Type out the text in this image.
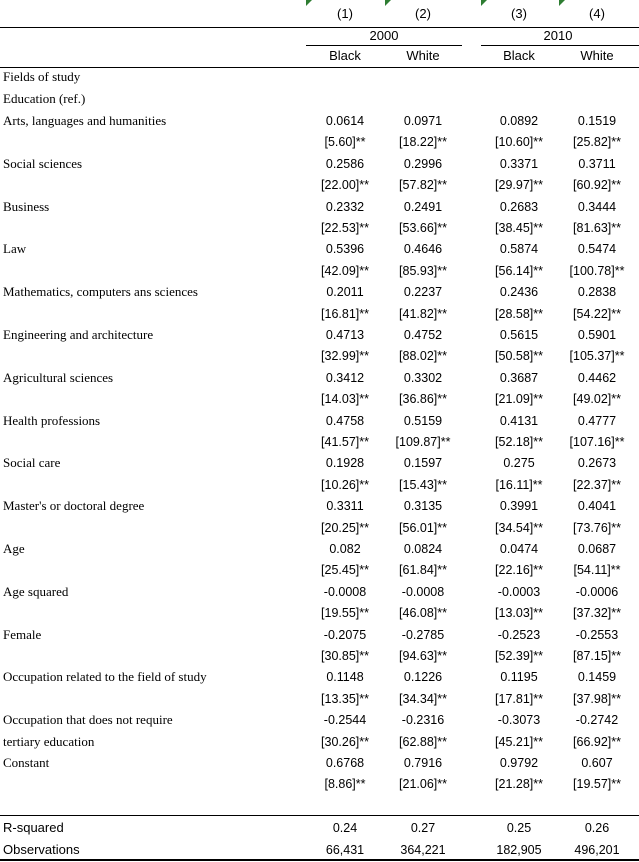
(1)	(2)	(3)	(4)
2000	2010
Black	White	Black	White
Fields of study
Education (ref.)
Arts, languages and humanities	0.0614	0.0971	0.0892	0.1519
[5.60]**	[18.22]**	[10.60]**	[25.82]**
Social sciences	0.2586	0.2996	0.3371	0.3711
[22.00]**	[57.82]**	[29.97]**	[60.92]**
Business	0.2332	0.2491	0.2683	0.3444
[22.53]**	[53.66]**	[38.45]**	[81.63]**
Law	0.5396	0.4646	0.5874	0.5474
[42.09]**	[85.93]**	[56.14]**	[100.78]**
Mathematics, computers ans sciences	0.2011	0.2237	0.2436	0.2838
[16.81]**	[41.82]**	[28.58]**	[54.22]**
Engineering and architecture	0.4713	0.4752	0.5615	0.5901
[32.99]**	[88.02]**	[50.58]**	[105.37]**
Agricultural sciences	0.3412	0.3302	0.3687	0.4462
[14.03]**	[36.86]**	[21.09]**	[49.02]**
Health professions	0.4758	0.5159	0.4131	0.4777
[41.57]**	[109.87]**	[52.18]**	[107.16]**
Social care	0.1928	0.1597	0.275	0.2673
[10.26]**	[15.43]**	[16.11]**	[22.37]**
Master's or doctoral degree	0.3311	0.3135	0.3991	0.4041
[20.25]**	[56.01]**	[34.54]**	[73.76]**
Age	0.082	0.0824	0.0474	0.0687
[25.45]**	[61.84]**	[22.16]**	[54.11]**
Age squared	-0.0008	-0.0008	-0.0003	-0.0006
[19.55]**	[46.08]**	[13.03]**	[37.32]**
Female	-0.2075	-0.2785	-0.2523	-0.2553
[30.85]**	[94.63]**	[52.39]**	[87.15]**
Occupation related to the field of study	0.1148	0.1226	0.1195	0.1459
[13.35]**	[34.34]**	[17.81]**	[37.98]**
Occupation that does not require
tertiary education
-0.2544	-0.2316	-0.3073	-0.2742
[30.26]**	[62.88]**	[45.21]**	[66.92]**
Constant	0.6768	0.7916	0.9792	0.607
[8.86]**	[21.06]**	[21.28]**	[19.57]**
R-squared	0.24	0.27	0.25	0.26
Observations	66,431	364,221	182,905	496,201
